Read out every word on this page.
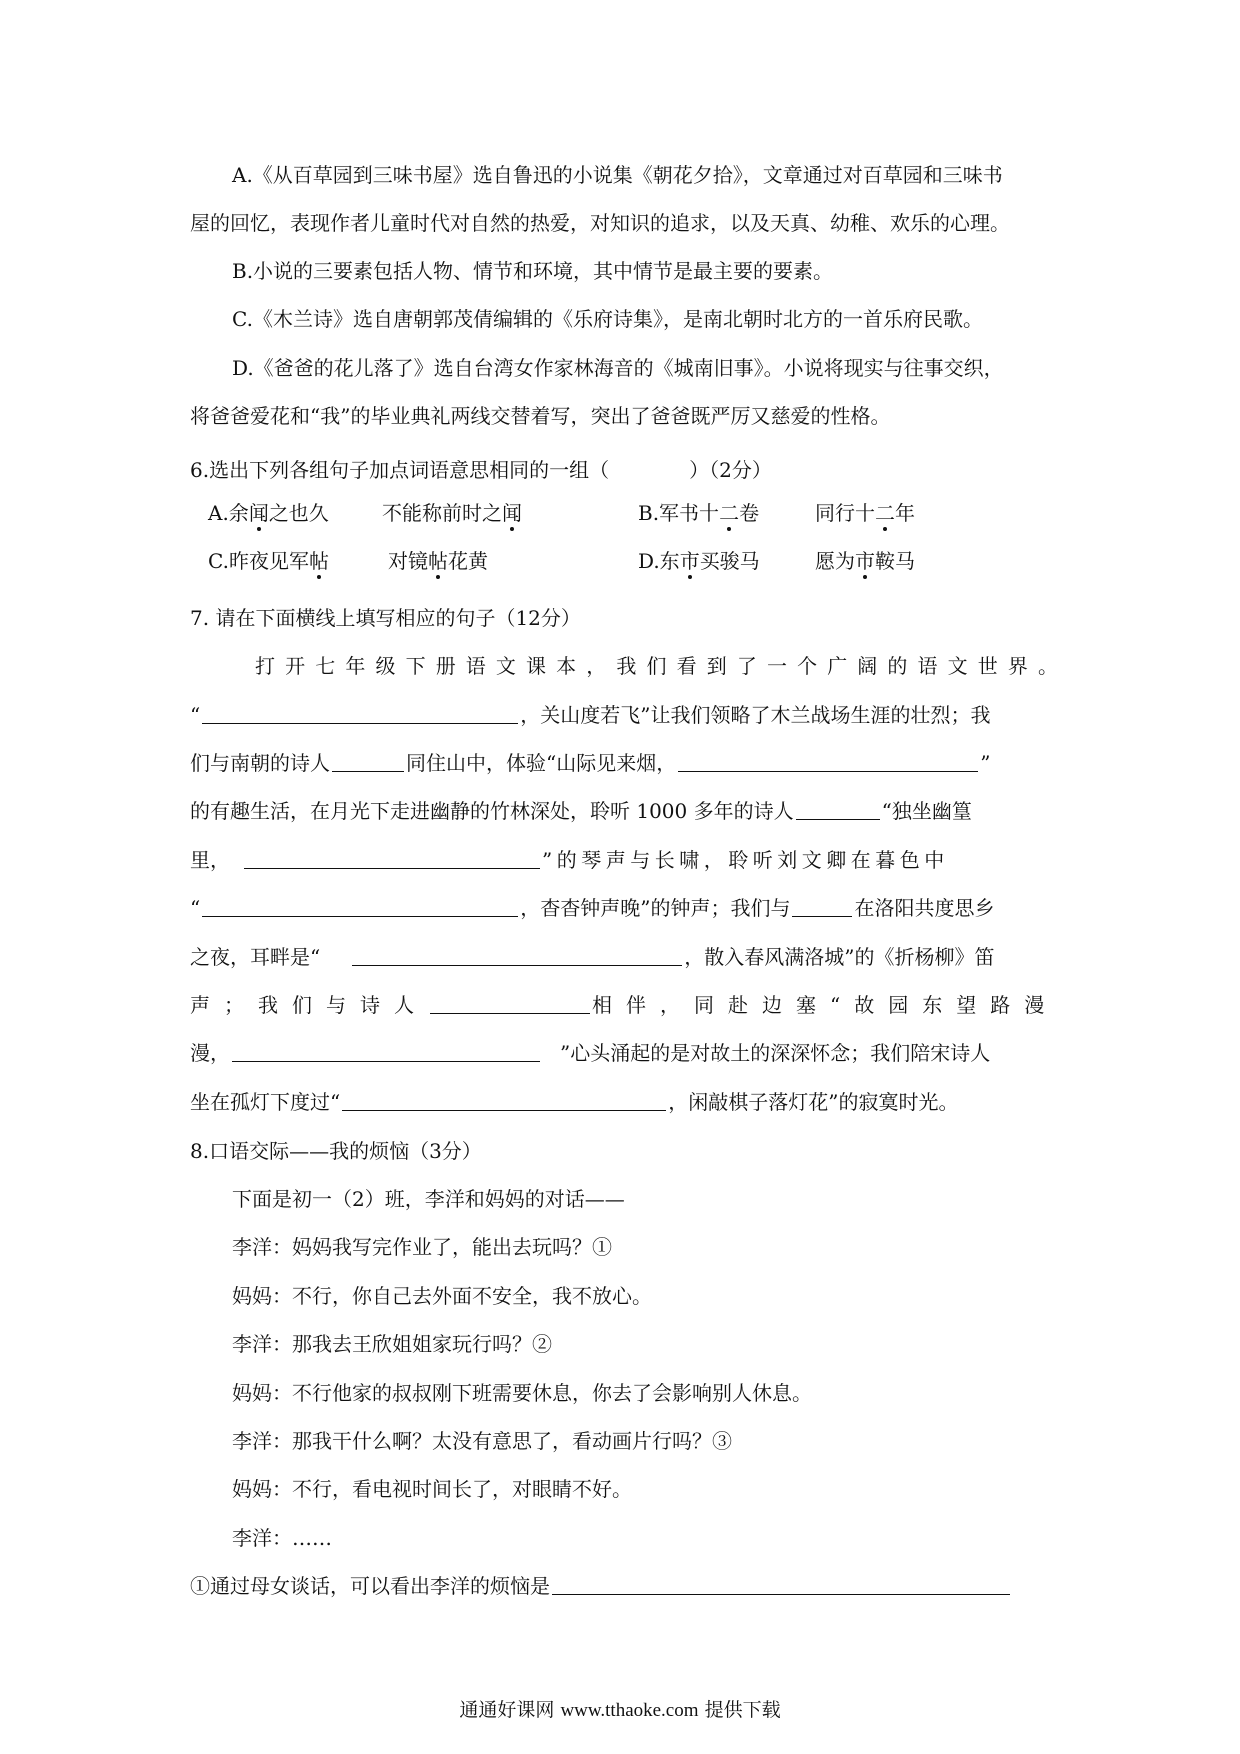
A.《从百草园到三味书屋》选自鲁迅的小说集《朝花夕拾》，文章通过对百草园和三味书
屋的回忆，表现作者儿童时代对自然的热爱，对知识的追求，以及天真、幼稚、欢乐的心理。
B.小说的三要素包括人物、情节和环境，其中情节是最主要的要素。
C.《木兰诗》选自唐朝郭茂倩编辑的《乐府诗集》，是南北朝时北方的一首乐府民歌。
D.《爸爸的花儿落了》选自台湾女作家林海音的《城南旧事》。小说将现实与往事交织，
将爸爸爱花和“我”的毕业典礼两线交替着写，突出了爸爸既严厉又慈爱的性格。
6.选出下列各组句子加点词语意思相同的一组（	）（2分）
A.余闻之也久	不能称前时之闻	B.军书十二卷	同行十二年
C.昨夜见军帖	对镜帖花黄	D.东市买骏马	愿为市鞍马
7. 请在下面横线上填写相应的句子（12分）
打开七年级下册语文课本，我们看到了一个广阔的语文世界。
“	，关山度若飞”让我们领略了木兰战场生涯的壮烈；我
们与南朝的诗人	同住山中，体验“山际见来烟，	”
的有趣生活，在月光下走进幽静的竹林深处，聆听 1000 多年的诗人	“独坐幽篁
里，	”的琴声与长啸，聆听刘文卿在暮色中
“	，杳杳钟声晚”的钟声；我们与	在洛阳共度思乡
之夜，耳畔是“	，散入春风满洛城”的《折杨柳》笛
声；我们与诗人	相伴，同赴边塞“故园东望路漫
漫，	”心头涌起的是对故土的深深怀念；我们陪宋诗人
坐在孤灯下度过“	，闲敲棋子落灯花”的寂寞时光。
8.口语交际——我的烦恼（3分）
下面是初一（2）班，李洋和妈妈的对话——
李洋：妈妈我写完作业了，能出去玩吗？①
妈妈：不行，你自己去外面不安全，我不放心。
李洋：那我去王欣姐姐家玩行吗？②
妈妈：不行他家的叔叔刚下班需要休息，你去了会影响别人休息。
李洋：那我干什么啊？太没有意思了，看动画片行吗？③
妈妈：不行，看电视时间长了，对眼睛不好。
李洋：……
①通过母女谈话，可以看出李洋的烦恼是
通通好课网 www.tthaoke.com 提供下载
